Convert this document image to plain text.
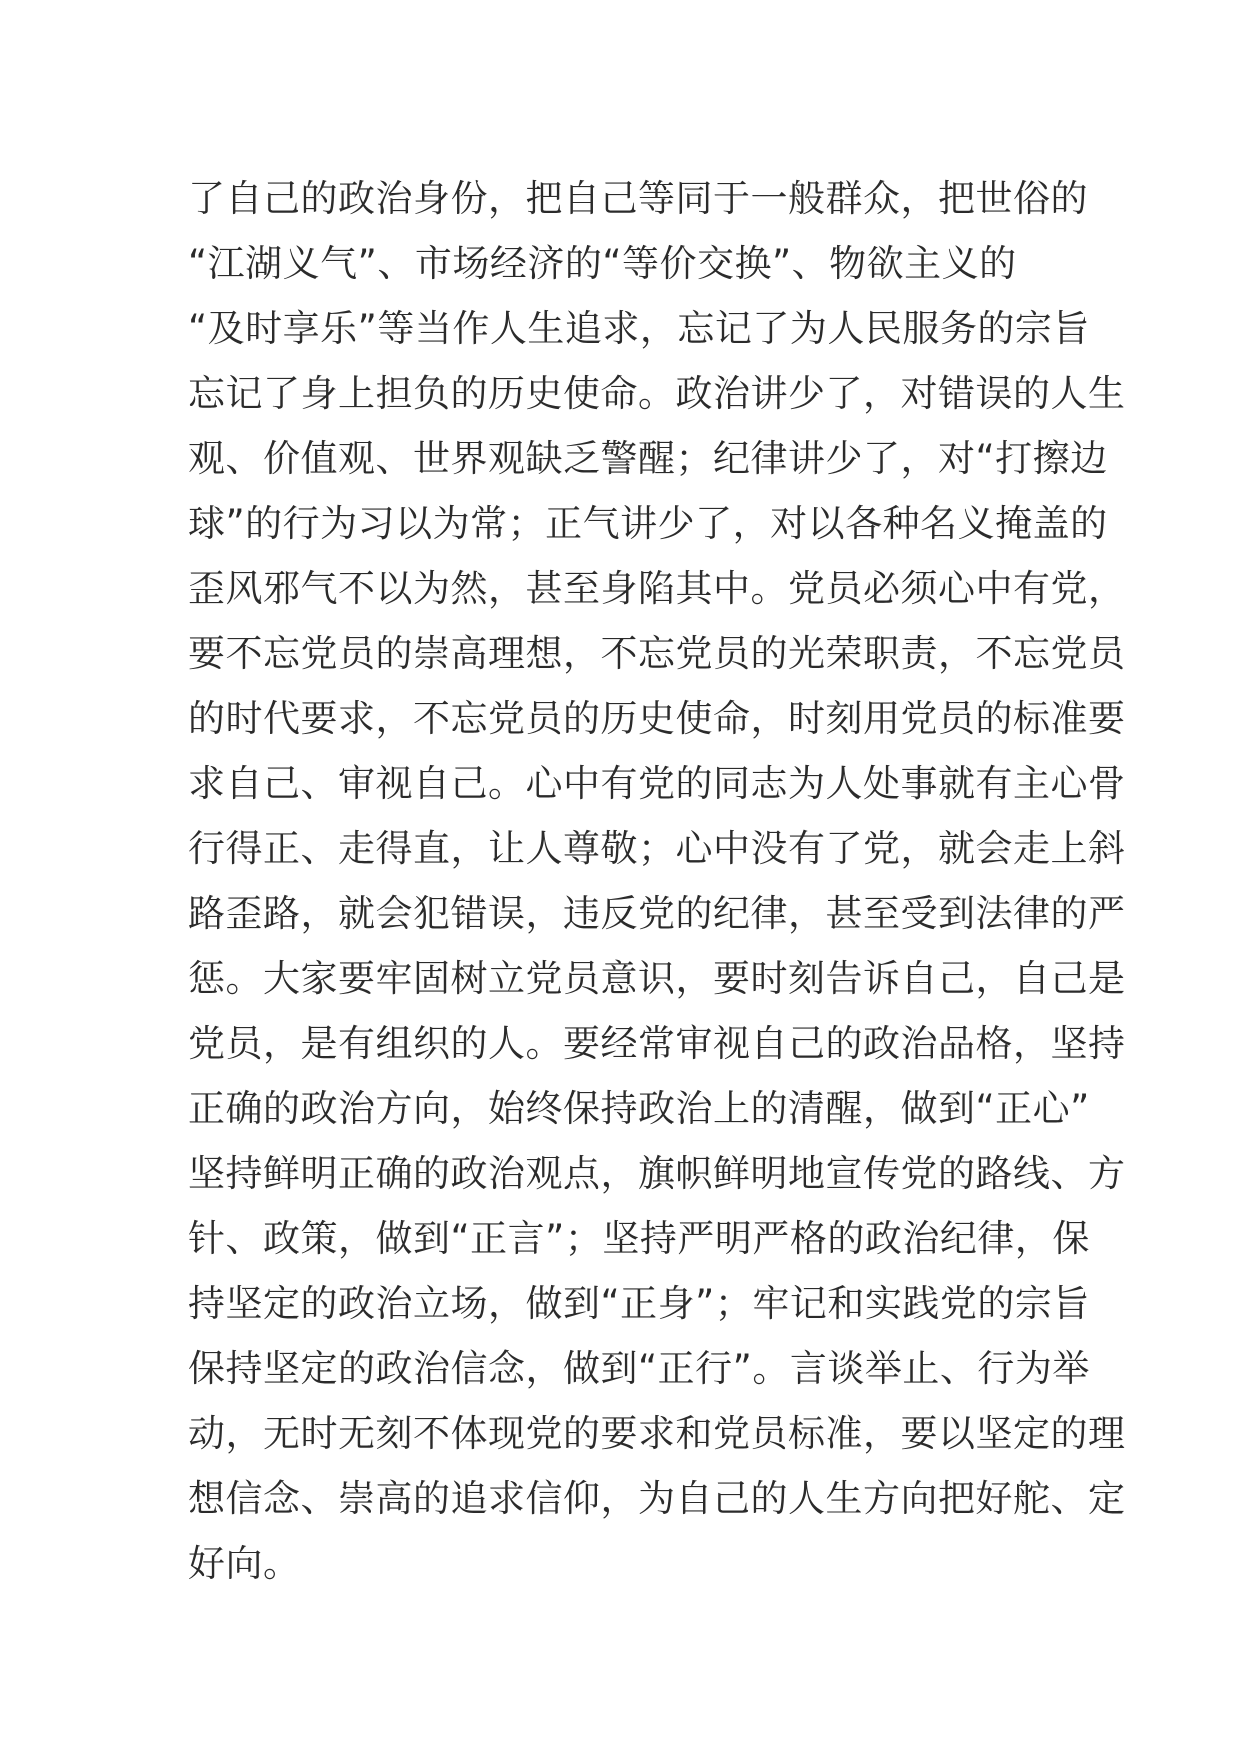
了自己的政治身份，把自己等同于一般群众，把世俗的
“江湖义气”、市场经济的“等价交换”、物欲主义的
“及时享乐”等当作人生追求，忘记了为人民服务的宗旨
忘记了身上担负的历史使命。政治讲少了，对错误的人生
观、价值观、世界观缺乏警醒；纪律讲少了，对“打擦边
球”的行为习以为常；正气讲少了，对以各种名义掩盖的
歪风邪气不以为然，甚至身陷其中。党员必须心中有党，
要不忘党员的崇高理想，不忘党员的光荣职责，不忘党员
的时代要求，不忘党员的历史使命，时刻用党员的标准要
求自己、审视自己。心中有党的同志为人处事就有主心骨
行得正、走得直，让人尊敬；心中没有了党，就会走上斜
路歪路，就会犯错误，违反党的纪律，甚至受到法律的严
惩。大家要牢固树立党员意识，要时刻告诉自己，自己是
党员，是有组织的人。要经常审视自己的政治品格，坚持
正确的政治方向，始终保持政治上的清醒，做到“正心”
坚持鲜明正确的政治观点，旗帜鲜明地宣传党的路线、方
针、政策，做到“正言”；坚持严明严格的政治纪律，保
持坚定的政治立场，做到“正身”；牢记和实践党的宗旨
保持坚定的政治信念，做到“正行”。言谈举止、行为举
动，无时无刻不体现党的要求和党员标准，要以坚定的理
想信念、崇高的追求信仰，为自己的人生方向把好舵、定
好向。
